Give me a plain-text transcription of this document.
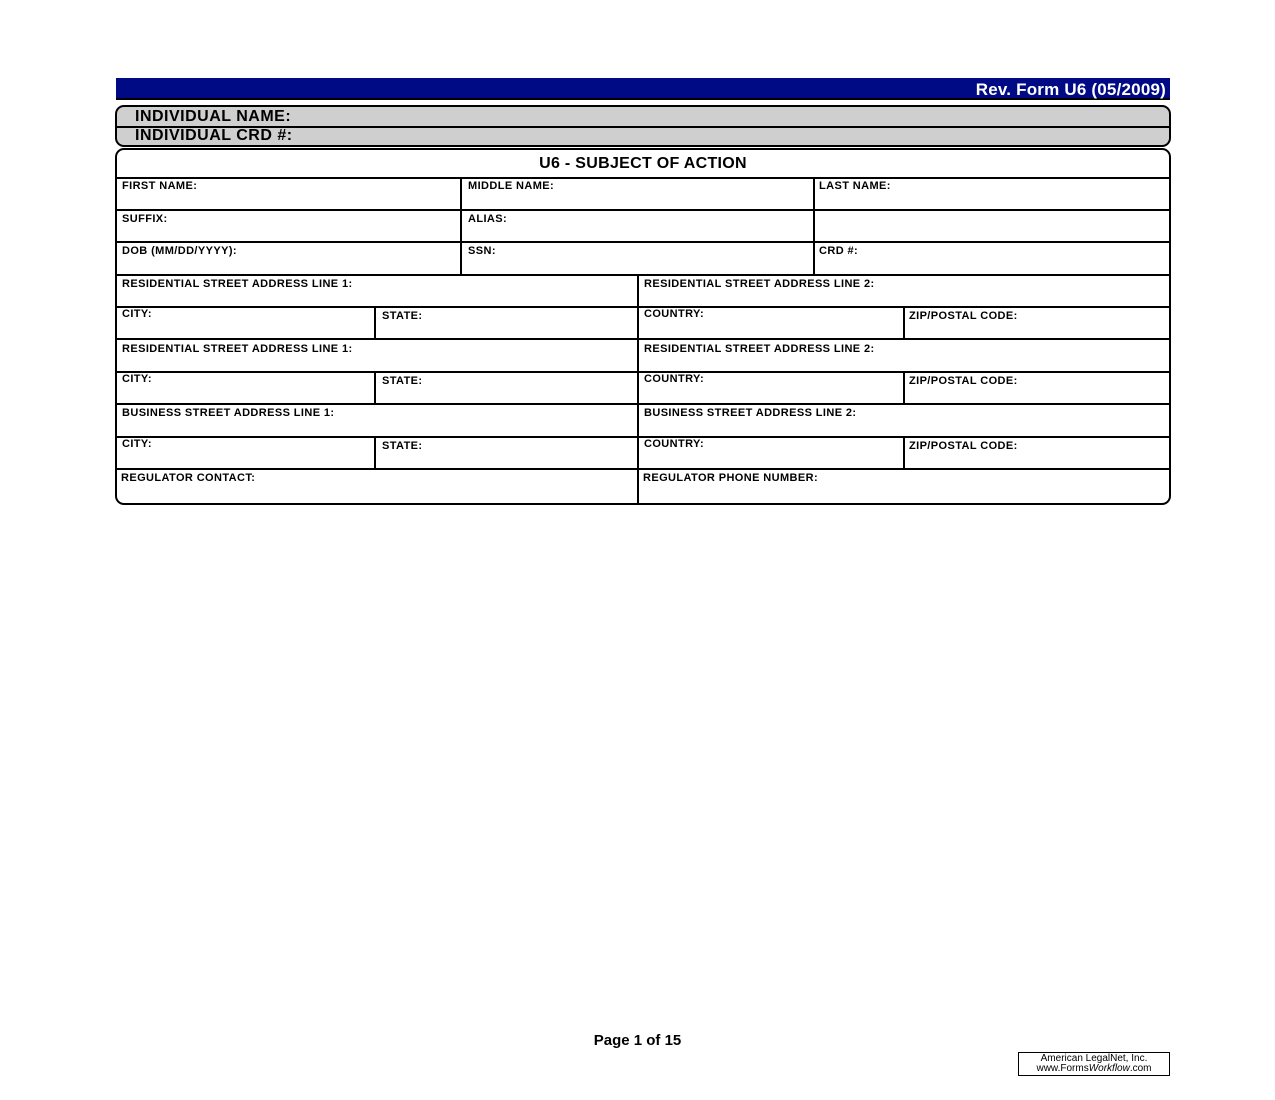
Rev. Form U6 (05/2009)
INDIVIDUAL NAME:
INDIVIDUAL CRD #:
U6 - SUBJECT OF ACTION
FIRST NAME:	MIDDLE NAME:	LAST NAME:
SUFFIX:	ALIAS:
DOB (MM/DD/YYYY):	SSN:	CRD #:
RESIDENTIAL STREET ADDRESS LINE 1:	RESIDENTIAL STREET ADDRESS LINE 2:
CITY:	STATE:	COUNTRY:	ZIP/POSTAL CODE:
RESIDENTIAL STREET ADDRESS LINE 1:	RESIDENTIAL STREET ADDRESS LINE 2:
CITY:	STATE:	COUNTRY:	ZIP/POSTAL CODE:
BUSINESS STREET ADDRESS LINE 1:	BUSINESS STREET ADDRESS LINE 2:
CITY:	STATE:	COUNTRY:	ZIP/POSTAL CODE:
REGULATOR CONTACT:	REGULATOR PHONE NUMBER:
Page 1 of 15
American LegalNet, Inc.
www.FormsWorkflow.com
